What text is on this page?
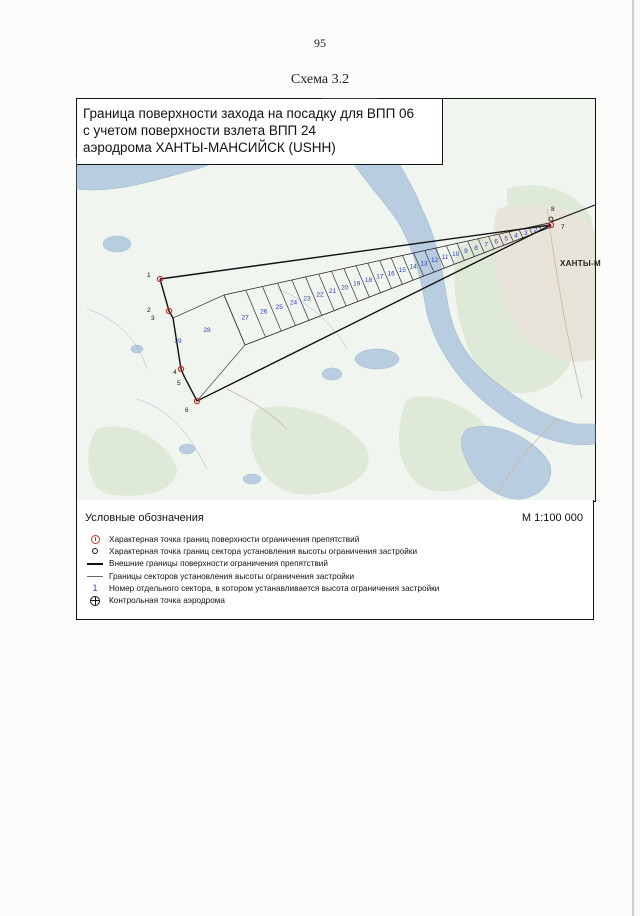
95
Схема 3.2
1
2
3
4
5
6
7
8
1
2
3
4
5
6
7
8
9
10
11
12
13
14
15
16
17
18
19
20
21
22
23
24
25
26
27
28
29
Граница поверхности захода на посадку для ВПП 06
с учетом поверхности взлета ВПП 24
аэродрома ХАНТЫ-МАНСИЙСК (USHH)
ХАНТЫ-М
Условные обозначения	М 1:100 000
Характерная точка границ поверхности ограничения препятствий
Характерная точка границ сектора установления высоты ограничения застройки
Внешние границы поверхности ограничения препятствий
Границы секторов установления высоты ограничения застройки
1 Номер отдельного сектора, в котором устанавливается высота ограничения застройки
Контрольная точка аэродрома
